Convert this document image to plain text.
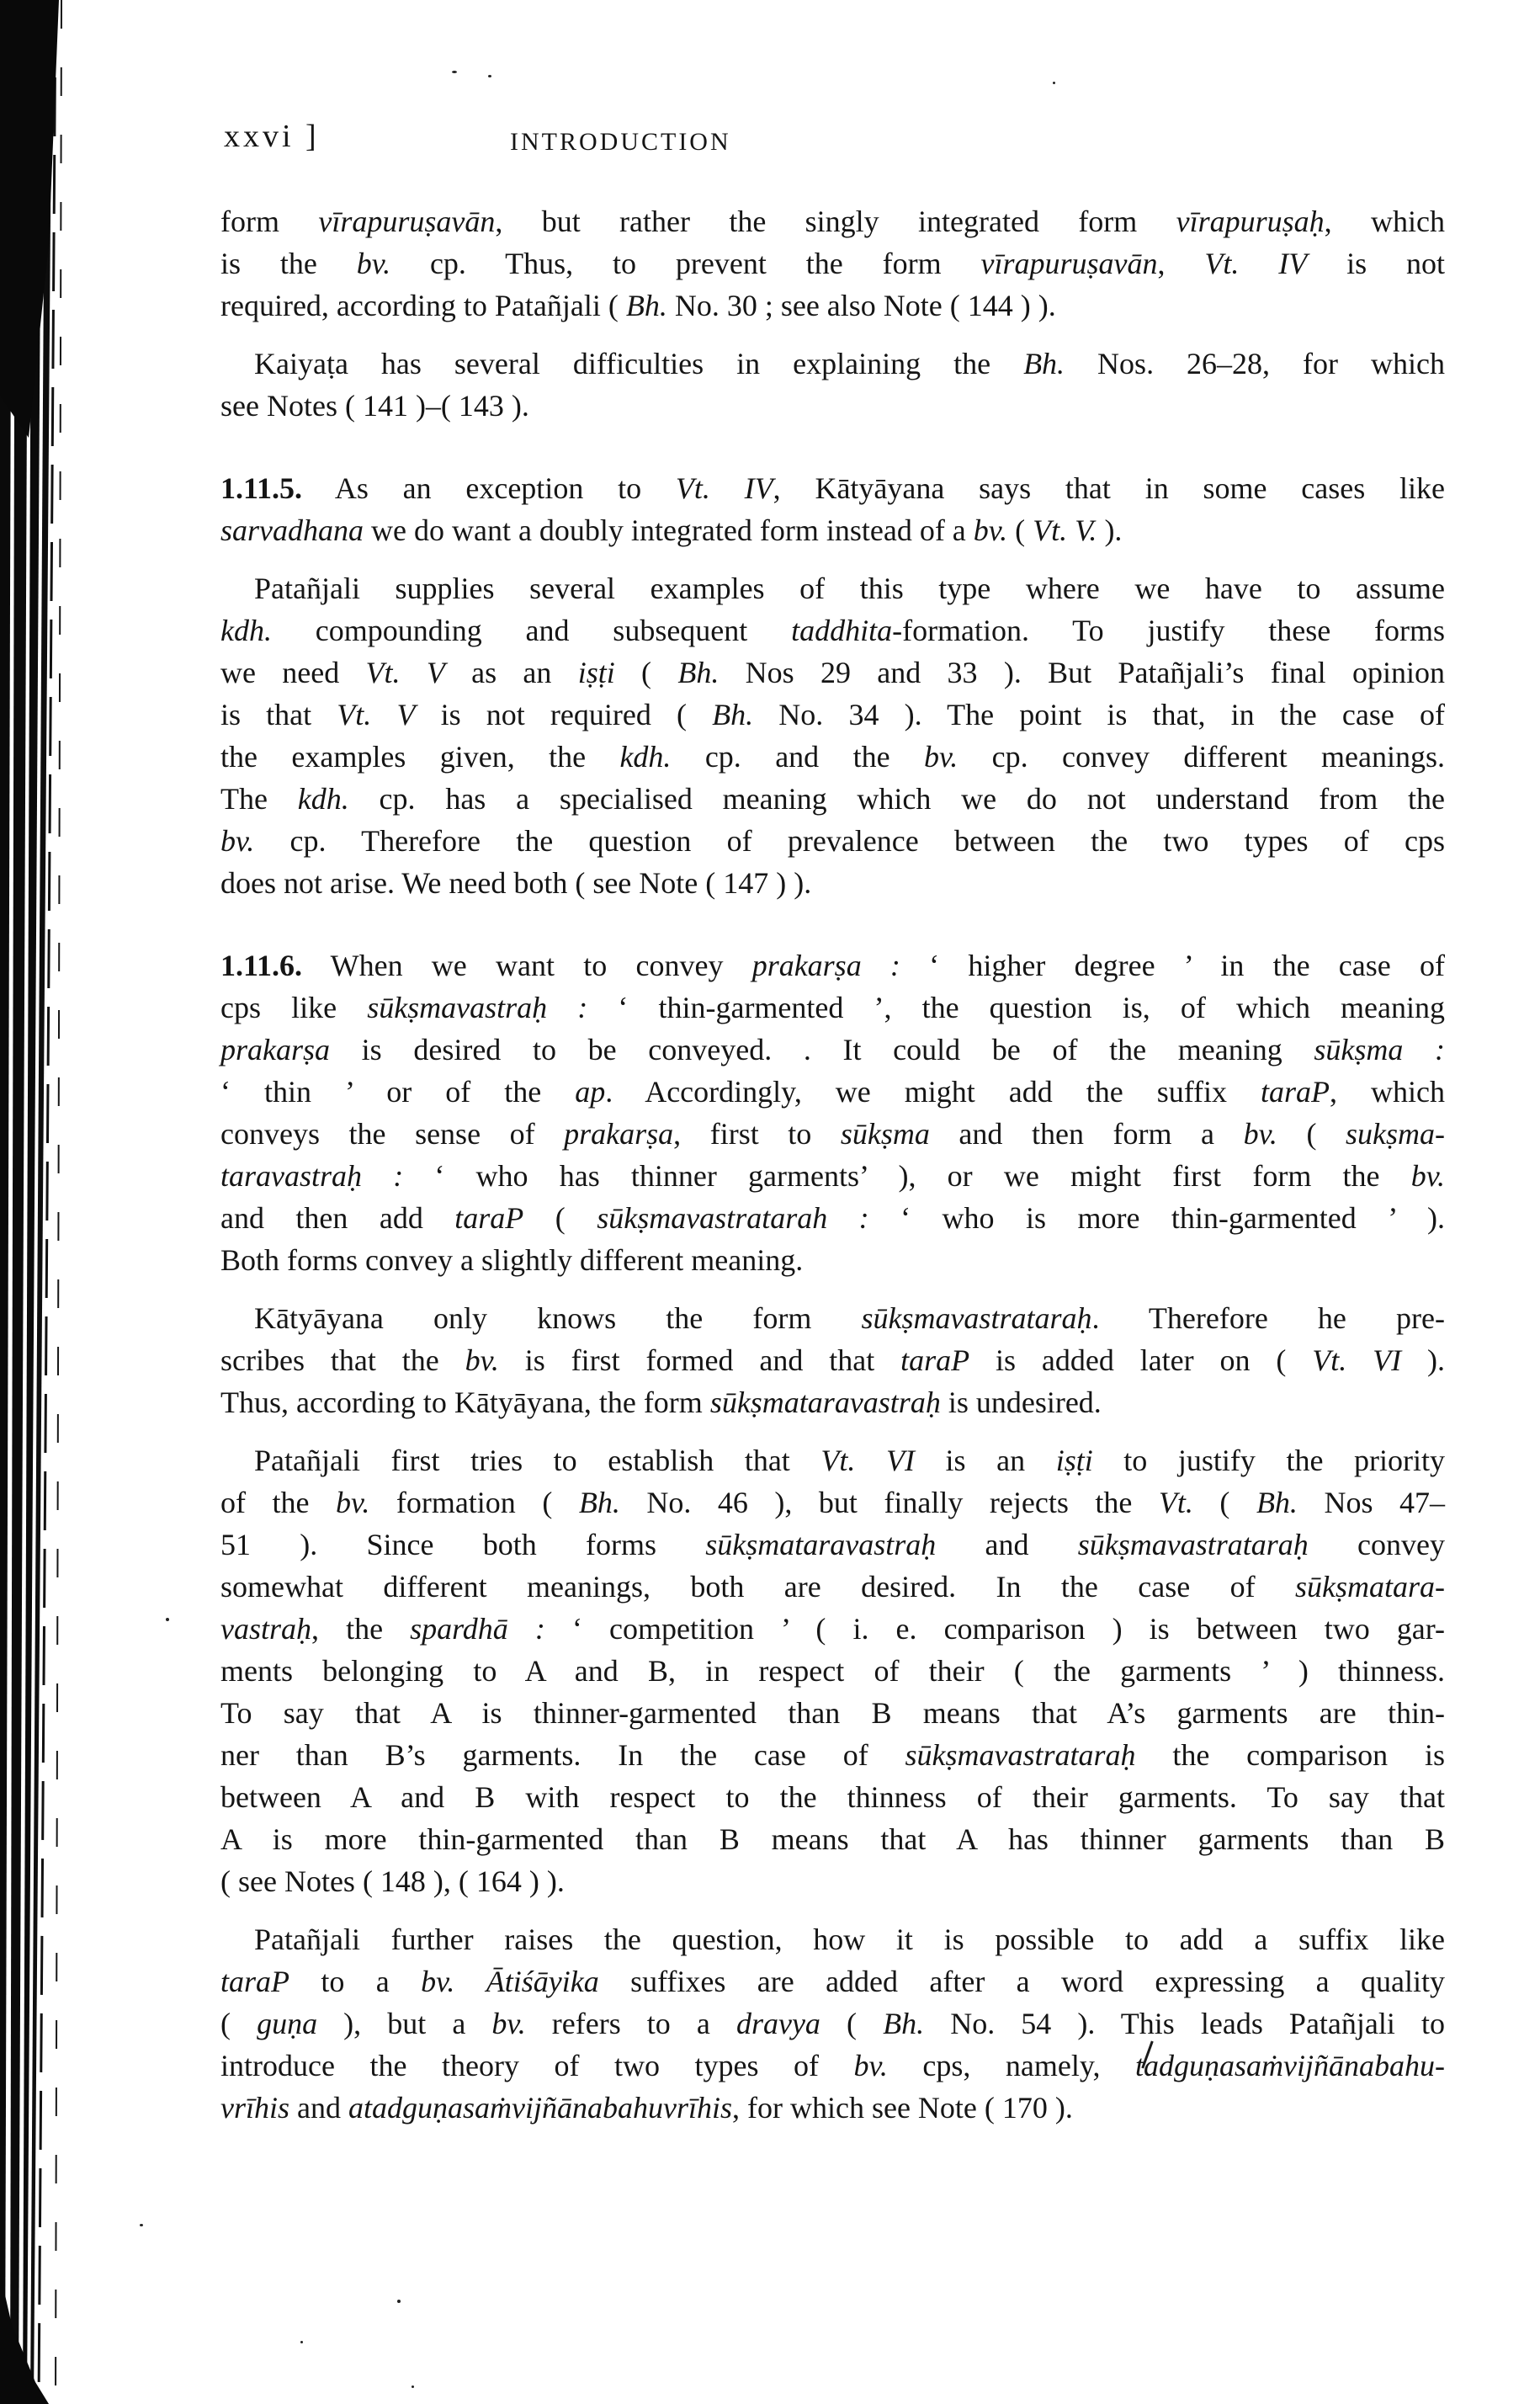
xxvi ]	INTRODUCTION
form vīrapuruṣavān, but rather the singly integrated form vīrapuruṣaḥ, which
is the bv. cp. Thus, to prevent the form vīrapuruṣavān, Vt. IV is not
required, according to Patañjali ( Bh. No. 30 ; see also Note ( 144 ) ).
Kaiyaṭa has several difficulties in explaining the Bh. Nos. 26–28, for which
see Notes ( 141 )–( 143 ).
1.11.5. As an exception to Vt. IV, Kātyāyana says that in some cases like
sarvadhana we do want a doubly integrated form instead of a bv. ( Vt. V. ).
Patañjali supplies several examples of this type where we have to assume
kdh. compounding and subsequent taddhita-formation. To justify these forms
we need Vt. V as an iṣṭi ( Bh. Nos 29 and 33 ). But Patañjali’s final opinion
is that Vt. V is not required ( Bh. No. 34 ). The point is that, in the case of
the examples given, the kdh. cp. and the bv. cp. convey different meanings.
The kdh. cp. has a specialised meaning which we do not understand from the
bv. cp. Therefore the question of prevalence between the two types of cps
does not arise. We need both ( see Note ( 147 ) ).
1.11.6. When we want to convey prakarṣa : ‘ higher degree ’ in the case of
cps like sūkṣmavastraḥ : ‘ thin-garmented ’, the question is, of which meaning
prakarṣa is desired to be conveyed. . It could be of the meaning sūkṣma :
‘ thin ’ or of the ap. Accordingly, we might add the suffix taraP, which
conveys the sense of prakarṣa, first to sūkṣma and then form a bv. ( sukṣma-
taravastraḥ : ‘ who has thinner garments’ ), or we might first form the bv.
and then add taraP ( sūkṣmavastratarah : ‘ who is more thin-garmented ’ ).
Both forms convey a slightly different meaning.
Kātyāyana only knows the form sūkṣmavastrataraḥ. Therefore he pre-
scribes that the bv. is first formed and that taraP is added later on ( Vt. VI ).
Thus, according to Kātyāyana, the form sūkṣmataravastraḥ is undesired.
Patañjali first tries to establish that Vt. VI is an iṣṭi to justify the priority
of the bv. formation ( Bh. No. 46 ), but finally rejects the Vt. ( Bh. Nos 47–
51 ). Since both forms sūkṣmataravastraḥ and sūkṣmavastrataraḥ convey
somewhat different meanings, both are desired. In the case of sūkṣmatara-
vastraḥ, the spardhā : ‘ competition ’ ( i. e. comparison ) is between two gar-
ments belonging to A and B, in respect of their ( the garments ’ ) thinness.
To say that A is thinner-garmented than B means that A’s garments are thin-
ner than B’s garments. In the case of sūkṣmavastrataraḥ the comparison is
between A and B with respect to the thinness of their garments. To say that
A is more thin-garmented than B means that A has thinner garments than B
( see Notes ( 148 ), ( 164 ) ).
Patañjali further raises the question, how it is possible to add a suffix like
taraP to a bv. Ātiśāyika suffixes are added after a word expressing a quality
( guṇa ), but a bv. refers to a dravya ( Bh. No. 54 ). This leads Patañjali to
introduce the theory of two types of bv. cps, namely, tadguṇasaṁvijñānabahu-
vrīhis and atadguṇasaṁvijñānabahuvrīhis, for which see Note ( 170 ).
